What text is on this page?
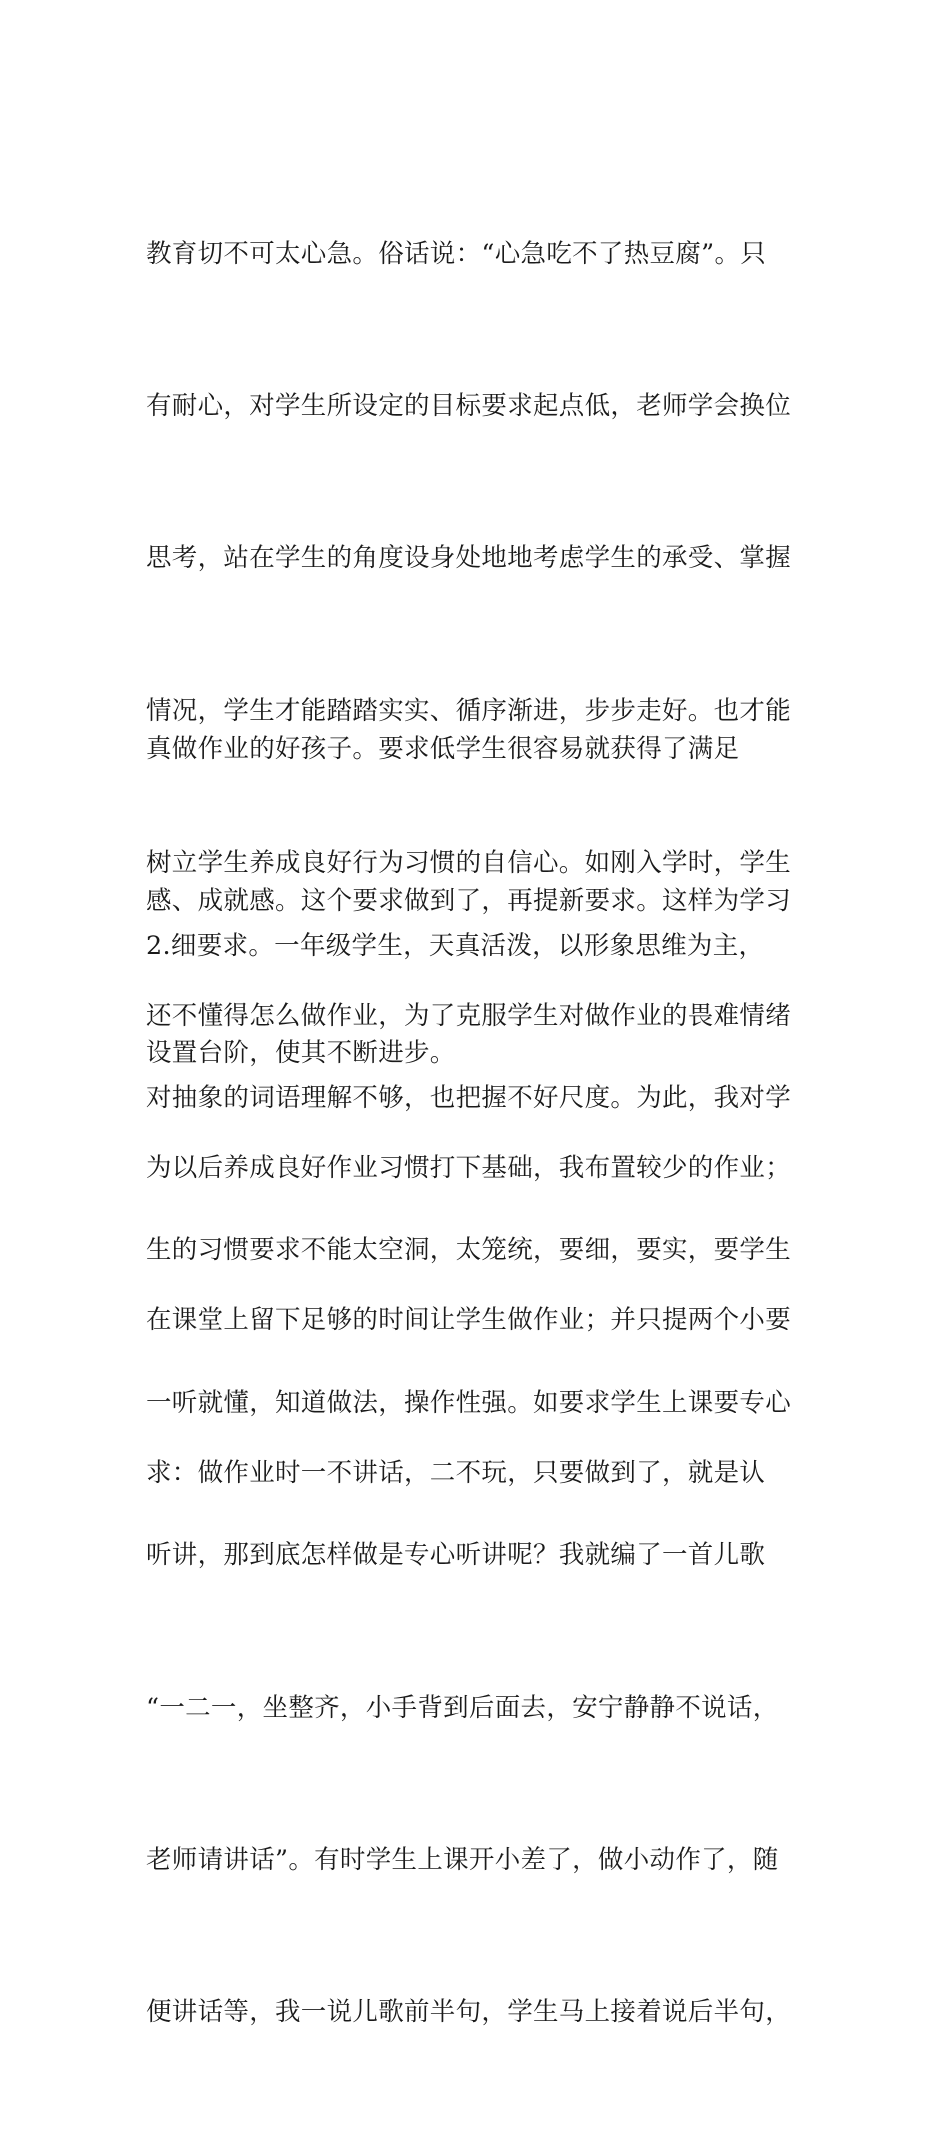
教育切不可太心急。俗话说：“心急吃不了热豆腐”。只

有耐心，对学生所设定的目标要求起点低，老师学会换位

思考，站在学生的角度设身处地地考虑学生的承受、掌握

情况，学生才能踏踏实实、循序渐进，步步走好。也才能

树立学生养成良好行为习惯的自信心。如刚入学时，学生

还不懂得怎么做作业，为了克服学生对做作业的畏难情绪

为以后养成良好作业习惯打下基础，我布置较少的作业；

在课堂上留下足够的时间让学生做作业；并只提两个小要

求：做作业时一不讲话，二不玩，只要做到了，就是认

真做作业的好孩子。要求低学生很容易就获得了满足

感、成就感。这个要求做到了，再提新要求。这样为学习

设置台阶，使其不断进步。

2.细要求。一年级学生，天真活泼，以形象思维为主，

对抽象的词语理解不够，也把握不好尺度。为此，我对学

生的习惯要求不能太空洞，太笼统，要细，要实，要学生

一听就懂，知道做法，操作性强。如要求学生上课要专心

听讲，那到底怎样做是专心听讲呢？我就编了一首儿歌

“一二一，坐整齐，小手背到后面去，安宁静静不说话，

老师请讲话”。有时学生上课开小差了，做小动作了，随

便讲话等，我一说儿歌前半句，学生马上接着说后半句，
